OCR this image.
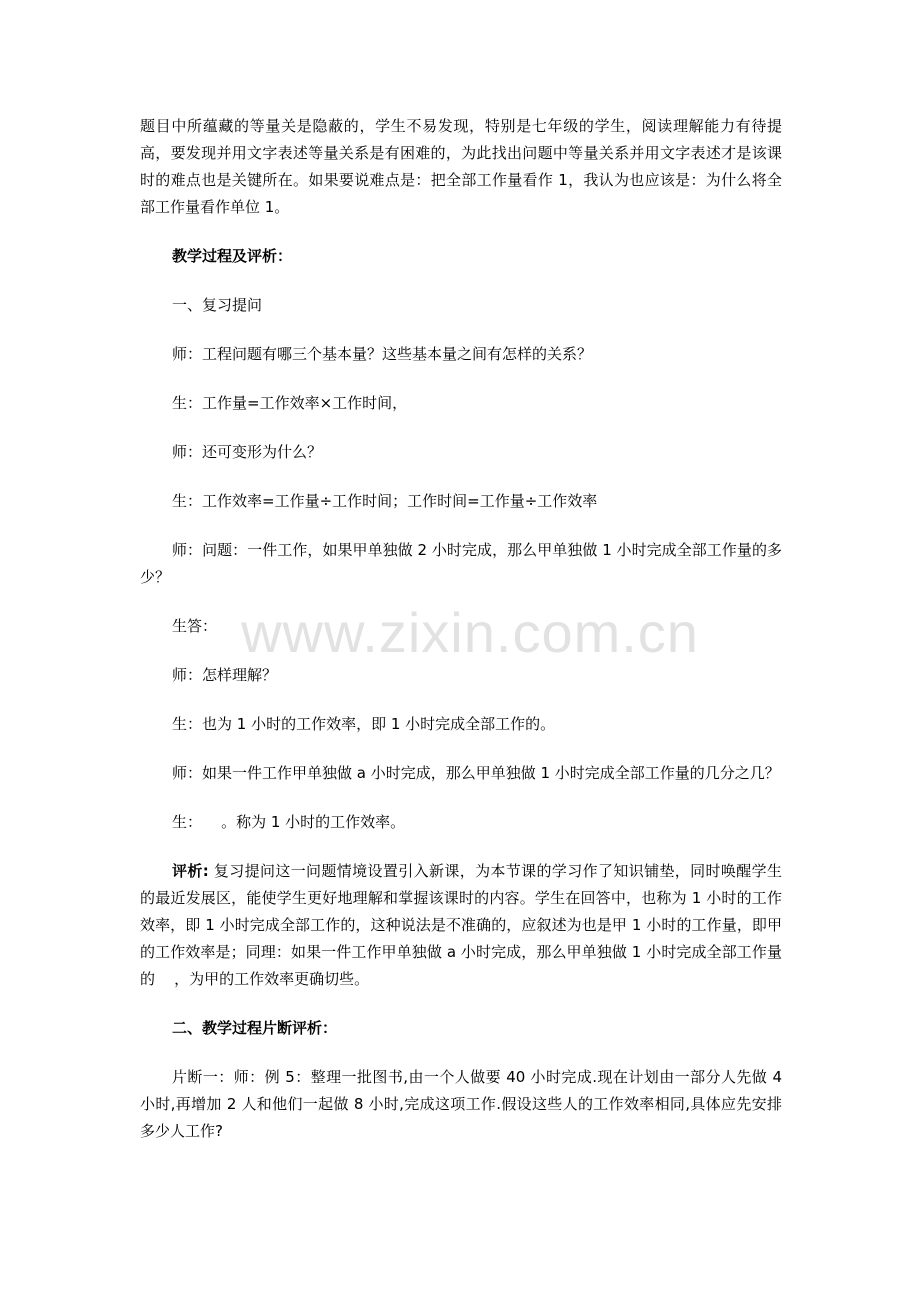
题目中所蕴藏的等量关是隐蔽的，学生不易发现，特别是七年级的学生，阅读理解能力有待提高，要发现并用文字表述等量关系是有困难的，为此找出问题中等量关系并用文字表述才是该课时的难点也是关键所在。如果要说难点是：把全部工作量看作 1，我认为也应该是：为什么将全部工作量看作单位 1。

教学过程及评析：

一、复习提问

师：工程问题有哪三个基本量？这些基本量之间有怎样的关系？

生：工作量=工作效率×工作时间，

师：还可变形为什么？

生：工作效率=工作量÷工作时间；工作时间=工作量÷工作效率

师：问题：一件工作，如果甲单独做 2 小时完成，那么甲单独做 1 小时完成全部工作量的多少？

生答：

师：怎样理解？

生：也为 1 小时的工作效率，即 1 小时完成全部工作的。

师：如果一件工作甲单独做 a 小时完成，那么甲单独做 1 小时完成全部工作量的几分之几？

生：    。称为 1 小时的工作效率。

评析: 复习提问这一问题情境设置引入新课，为本节课的学习作了知识铺垫，同时唤醒学生的最近发展区，能使学生更好地理解和掌握该课时的内容。学生在回答中，也称为 1 小时的工作效率，即 1 小时完成全部工作的，这种说法是不准确的，应叙述为也是甲 1 小时的工作量，即甲的工作效率是；同理：如果一件工作甲单独做 a 小时完成，那么甲单独做 1 小时完成全部工作量的    ，为甲的工作效率更确切些。

二、教学过程片断评析：

片断一：师：例 5：整理一批图书,由一个人做要 40 小时完成.现在计划由一部分人先做 4 小时,再增加 2 人和他们一起做 8 小时,完成这项工作.假设这些人的工作效率相同,具体应先安排多少人工作?

www.zixin.com.cn
